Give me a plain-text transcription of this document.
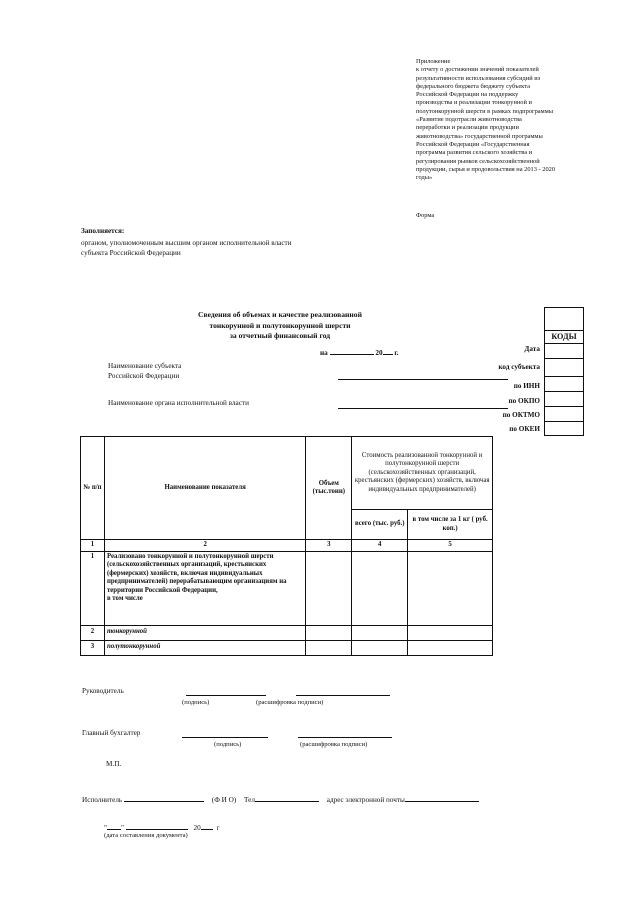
Приложение
к отчету о достижении значений показателей
результативности использования субсидий из
федерального бюджета бюджету субъекта
Российской Федерации на поддержку
производства и реализации тонкорунной и
полутонкорунной шерсти в рамках подпрограммы
«Развитие подотрасли животноводства
переработки и реализации продукции
животноводства» государственной программы
Российской Федерации «Государственная
программа развития сельского хозяйства и
регулирования рынков сельскохозяйственной
продукции, сырья и продовольствия на 2013 - 2020
годы»
Форма
Заполняется:
органом, уполномоченным высшим органом исполнительной власти
субъекта Российской Федерации
Сведения об объемах и качестве реализованной
тонкорунной и полутонкорунной шерсти
за отчетный финансовый год
на	20 г.
Наименование субъекта
Российской Федерации
Наименование органа исполнительной власти
Дата
код субъекта
по ИНН
по ОКПО
по ОКТМО
по ОКЕИ
КОДЫ
№ п/п	Наименование показателя	Объем (тыс.тонн)	Стоимость реализованной тонкорунной и полутонкорунной шерсти (сельскохозяйственных организаций, крестьянских (фермерских) хозяйств, включая индивидуальных предпринимателей)	
			всего (тыс. руб.)	в том числе за 1 кг ( руб. коп.)
1	2	3	4	5
1	Реализовано тонкорунной и полутонкорунной шерсти (сельскохозяйственных организаций, крестьянских (фермерских) хозяйств, включая индивидуальных предпринимателей) перерабатывающим организациям на территории Российской Федерации,
в том числе			

2	тонкорунной			
3	полутонкорунной			
Руководитель
(подпись)	(расшифровка подписи)
Главный бухгалтер
(подпись)	(расшифровка подписи)
М.П.
Исполнитель	(Ф И О) Тел	адрес электронной почты
" "	20 г
(дата составления документа)
